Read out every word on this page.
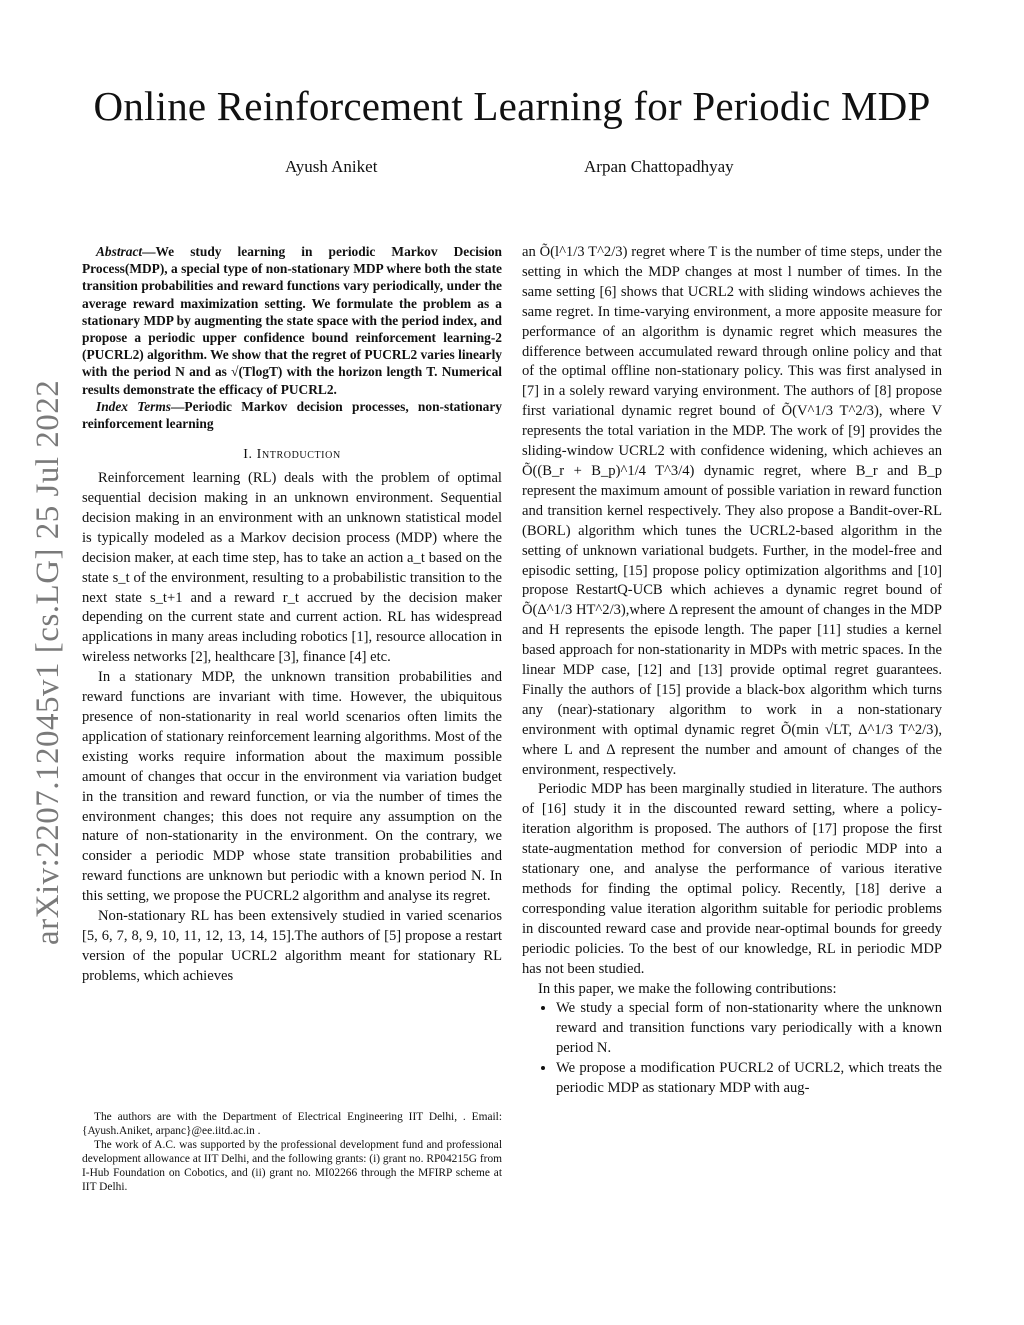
Online Reinforcement Learning for Periodic MDP
Ayush Aniket	Arpan Chattopadhyay
arXiv:2207.12045v1 [cs.LG] 25 Jul 2022
Abstract—We study learning in periodic Markov Decision Process(MDP), a special type of non-stationary MDP where both the state transition probabilities and reward functions vary periodically, under the average reward maximization setting. We formulate the problem as a stationary MDP by augmenting the state space with the period index, and propose a periodic upper confidence bound reinforcement learning-2 (PUCRL2) algorithm. We show that the regret of PUCRL2 varies linearly with the period N and as √(TlogT) with the horizon length T. Numerical results demonstrate the efficacy of PUCRL2.
Index Terms—Periodic Markov decision processes, non-stationary reinforcement learning
I. Introduction

Reinforcement learning (RL) deals with the problem of optimal sequential decision making in an unknown environment. Sequential decision making in an environment with an unknown statistical model is typically modeled as a Markov decision process (MDP) where the decision maker, at each time step, has to take an action a_t based on the state s_t of the environment, resulting to a probabilistic transition to the next state s_t+1 and a reward r_t accrued by the decision maker depending on the current state and current action. RL has widespread applications in many areas including robotics [1], resource allocation in wireless networks [2], healthcare [3], finance [4] etc.

In a stationary MDP, the unknown transition probabilities and reward functions are invariant with time. However, the ubiquitous presence of non-stationarity in real world scenarios often limits the application of stationary reinforcement learning algorithms. Most of the existing works require information about the maximum possible amount of changes that occur in the environment via variation budget in the transition and reward function, or via the number of times the environment changes; this does not require any assumption on the nature of non-stationarity in the environment. On the contrary, we consider a periodic MDP whose state transition probabilities and reward functions are unknown but periodic with a known period N. In this setting, we propose the PUCRL2 algorithm and analyse its regret.

Non-stationary RL has been extensively studied in varied scenarios [5, 6, 7, 8, 9, 10, 11, 12, 13, 14, 15].The authors of [5] propose a restart version of the popular UCRL2 algorithm meant for stationary RL problems, which achieves

The authors are with the Department of Electrical Engineering IIT Delhi, . Email: {Ayush.Aniket, arpanc}@ee.iitd.ac.in .

The work of A.C. was supported by the professional development fund and professional development allowance at IIT Delhi, and the following grants: (i) grant no. RP04215G from I-Hub Foundation on Cobotics, and (ii) grant no. MI02266 through the MFIRP scheme at IIT Delhi.

an Õ(l^1/3 T^2/3) regret where T is the number of time steps, under the setting in which the MDP changes at most l number of times. In the same setting [6] shows that UCRL2 with sliding windows achieves the same regret. In time-varying environment, a more apposite measure for performance of an algorithm is dynamic regret which measures the difference between accumulated reward through online policy and that of the optimal offline non-stationary policy. This was first analysed in [7] in a solely reward varying environment. The authors of [8] propose first variational dynamic regret bound of Õ(V^1/3 T^2/3), where V represents the total variation in the MDP. The work of [9] provides the sliding-window UCRL2 with confidence widening, which achieves an Õ((B_r + B_p)^1/4 T^3/4) dynamic regret, where B_r and B_p represent the maximum amount of possible variation in reward function and transition kernel respectively. They also propose a Bandit-over-RL (BORL) algorithm which tunes the UCRL2-based algorithm in the setting of unknown variational budgets. Further, in the model-free and episodic setting, [15] propose policy optimization algorithms and [10] propose RestartQ-UCB which achieves a dynamic regret bound of Õ(Δ^1/3 HT^2/3),where Δ represent the amount of changes in the MDP and H represents the episode length. The paper [11] studies a kernel based approach for non-stationarity in MDPs with metric spaces. In the linear MDP case, [12] and [13] provide optimal regret guarantees. Finally the authors of [15] provide a black-box algorithm which turns any (near)-stationary algorithm to work in a non-stationary environment with optimal dynamic regret Õ(min √LT, Δ^1/3 T^2/3), where L and Δ represent the number and amount of changes of the environment, respectively.

Periodic MDP has been marginally studied in literature. The authors of [16] study it in the discounted reward setting, where a policy-iteration algorithm is proposed. The authors of [17] propose the first state-augmentation method for conversion of periodic MDP into a stationary one, and analyse the performance of various iterative methods for finding the optimal policy. Recently, [18] derive a corresponding value iteration algorithm suitable for periodic problems in discounted reward case and provide near-optimal bounds for greedy periodic policies. To the best of our knowledge, RL in periodic MDP has not been studied.

In this paper, we make the following contributions:

• We study a special form of non-stationarity where the unknown reward and transition functions vary periodically with a known period N.
• We propose a modification PUCRL2 of UCRL2, which treats the periodic MDP as stationary MDP with aug-
